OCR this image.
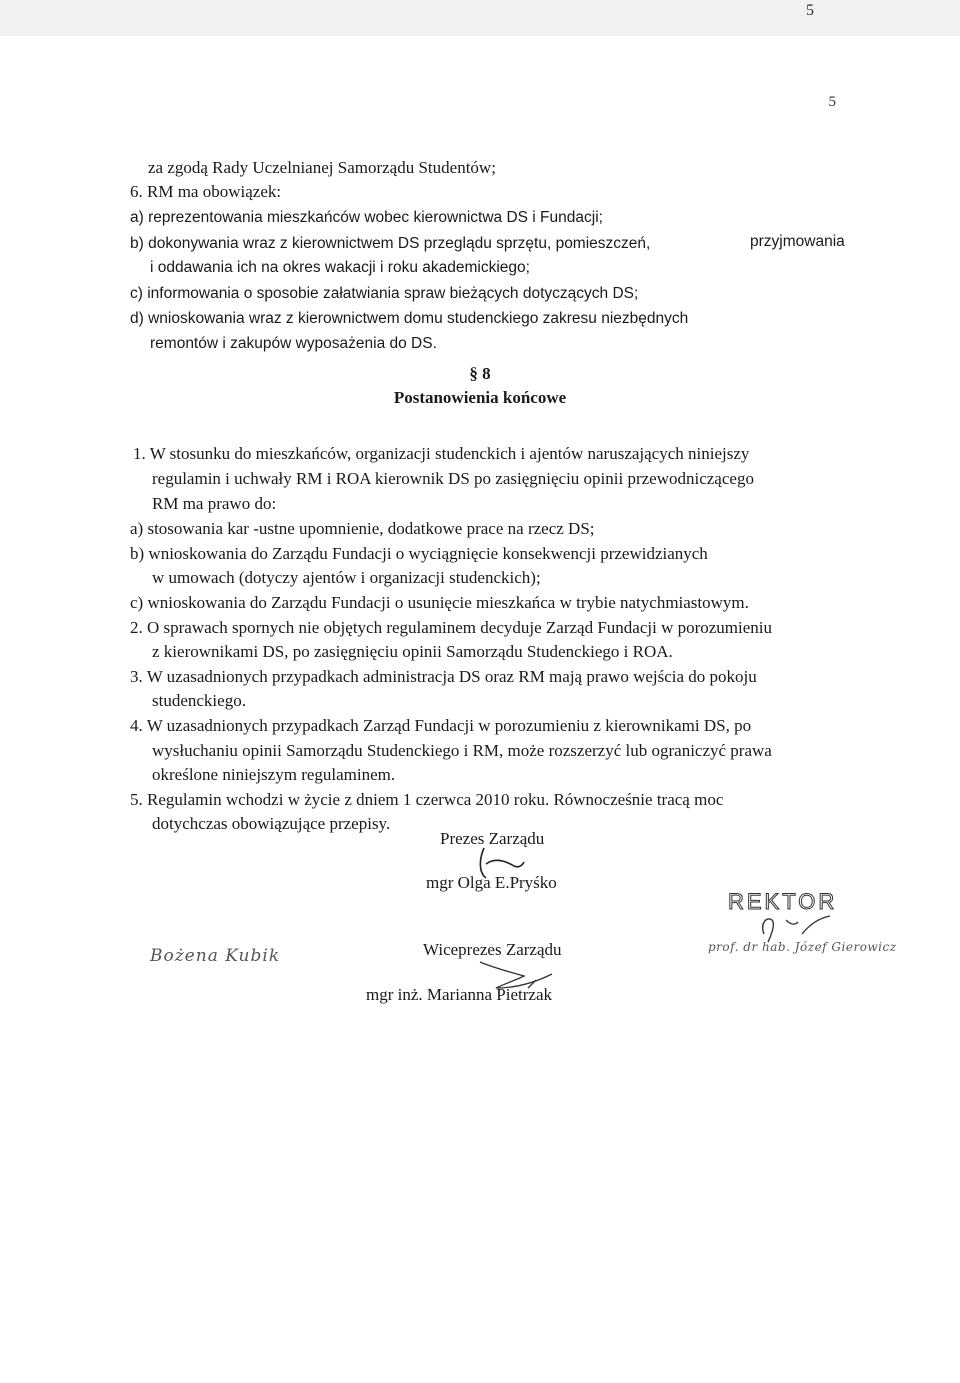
5
5
za zgodą Rady Uczelnianej Samorządu Studentów;
6. RM ma obowiązek:
a) reprezentowania mieszkańców wobec kierownictwa DS i Fundacji;
b) dokonywania wraz z kierownictwem DS przeglądu sprzętu, pomieszczeń,	przyjmowania
i oddawania ich na okres wakacji i roku akademickiego;
c) informowania o sposobie załatwiania spraw bieżących dotyczących DS;
d) wnioskowania wraz z kierownictwem domu studenckiego zakresu niezbędnych
remontów i zakupów wyposażenia do DS.
§ 8
Postanowienia końcowe
1. W stosunku do mieszkańców, organizacji studenckich i ajentów naruszających niniejszy
regulamin i uchwały RM i ROA kierownik DS po zasięgnięciu opinii przewodniczącego
RM ma prawo do:
a) stosowania kar -ustne upomnienie, dodatkowe prace na rzecz DS;
b) wnioskowania do Zarządu Fundacji o wyciągnięcie konsekwencji przewidzianych
w umowach (dotyczy ajentów i organizacji studenckich);
c) wnioskowania do Zarządu Fundacji o usunięcie mieszkańca w trybie natychmiastowym.
2. O sprawach spornych nie objętych regulaminem decyduje Zarząd Fundacji w porozumieniu
z kierownikami DS, po zasięgnięciu opinii Samorządu Studenckiego i ROA.
3. W uzasadnionych przypadkach administracja DS oraz RM mają prawo wejścia do pokoju
studenckiego.
4. W uzasadnionych przypadkach Zarząd Fundacji w porozumieniu z kierownikami DS, po
wysłuchaniu opinii Samorządu Studenckiego i RM, może rozszerzyć lub ograniczyć prawa
określone niniejszym regulaminem.
5. Regulamin wchodzi w życie z dniem 1 czerwca 2010 roku. Równocześnie tracą moc
dotychczas obowiązujące przepisy.
Prezes Zarządu
mgr Olga E.Pryśko
Wiceprezes Zarządu
mgr inż. Marianna Pietrzak
REKTOR
prof. dr hab. Józef Gierowicz
Bożena Kubik
